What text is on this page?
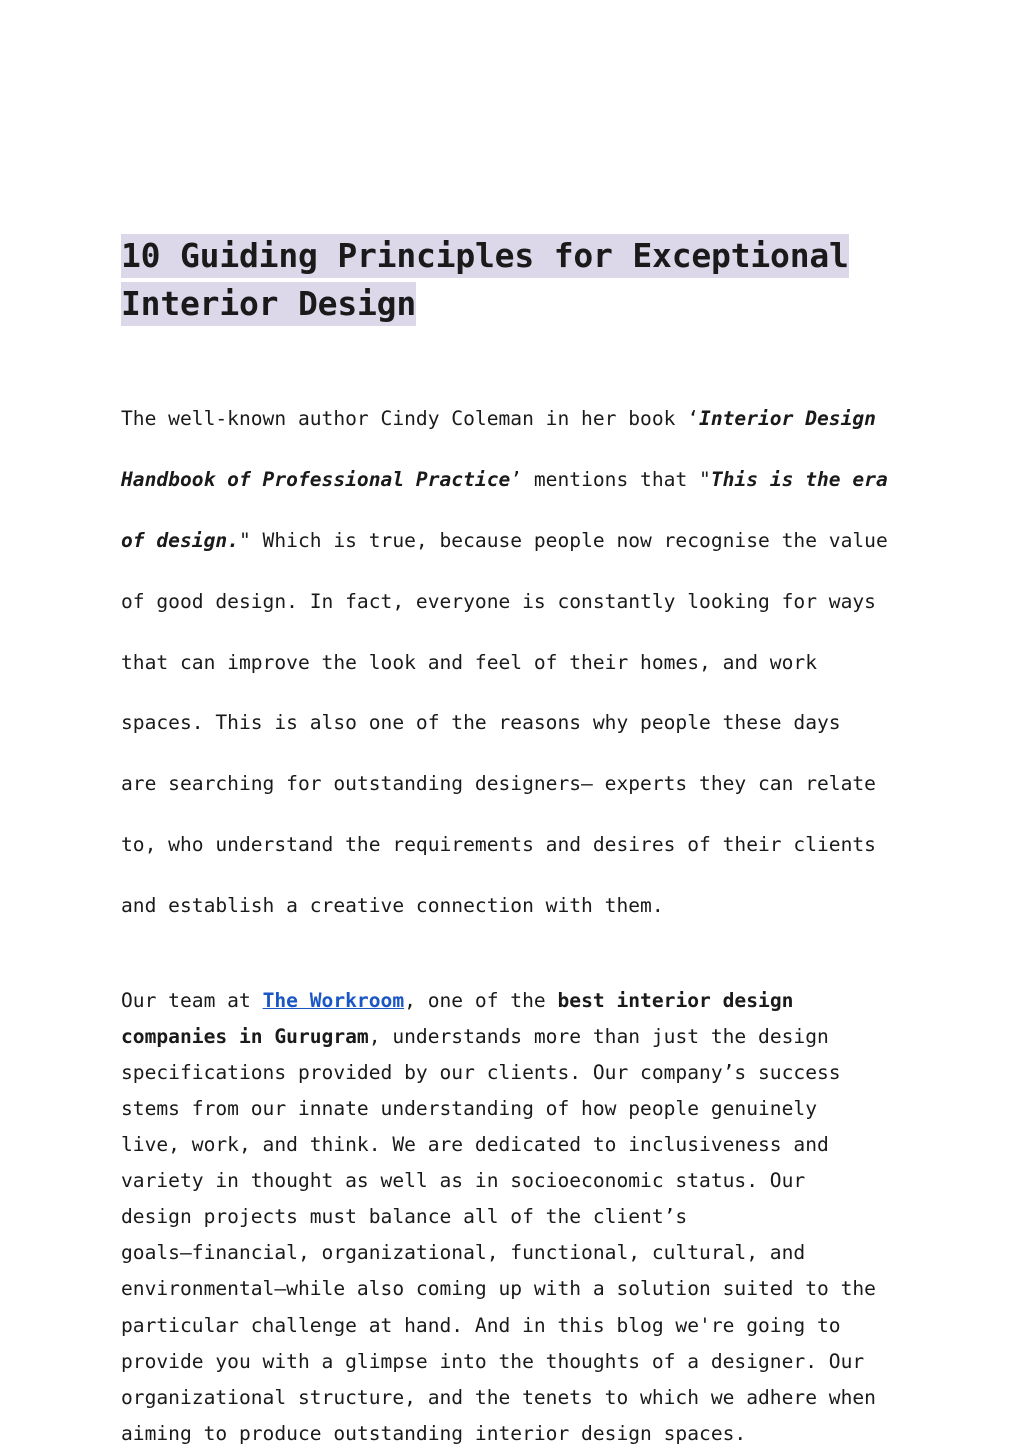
10 Guiding Principles for Exceptional
Interior Design

The well-known author Cindy Coleman in her book ‘Interior Design

Handbook of Professional Practice’ mentions that "This is the era

of design." Which is true, because people now recognise the value

of good design. In fact, everyone is constantly looking for ways

that can improve the look and feel of their homes, and work

spaces. This is also one of the reasons why people these days

are searching for outstanding designers— experts they can relate

to, who understand the requirements and desires of their clients

and establish a creative connection with them.

Our team at The Workroom, one of the best interior design
companies in Gurugram, understands more than just the design
specifications provided by our clients. Our company’s success
stems from our innate understanding of how people genuinely
live, work, and think. We are dedicated to inclusiveness and
variety in thought as well as in socioeconomic status. Our
design projects must balance all of the client’s
goals—financial, organizational, functional, cultural, and
environmental—while also coming up with a solution suited to the
particular challenge at hand. And in this blog we're going to
provide you with a glimpse into the thoughts of a designer. Our
organizational structure, and the tenets to which we adhere when
aiming to produce outstanding interior design spaces.
